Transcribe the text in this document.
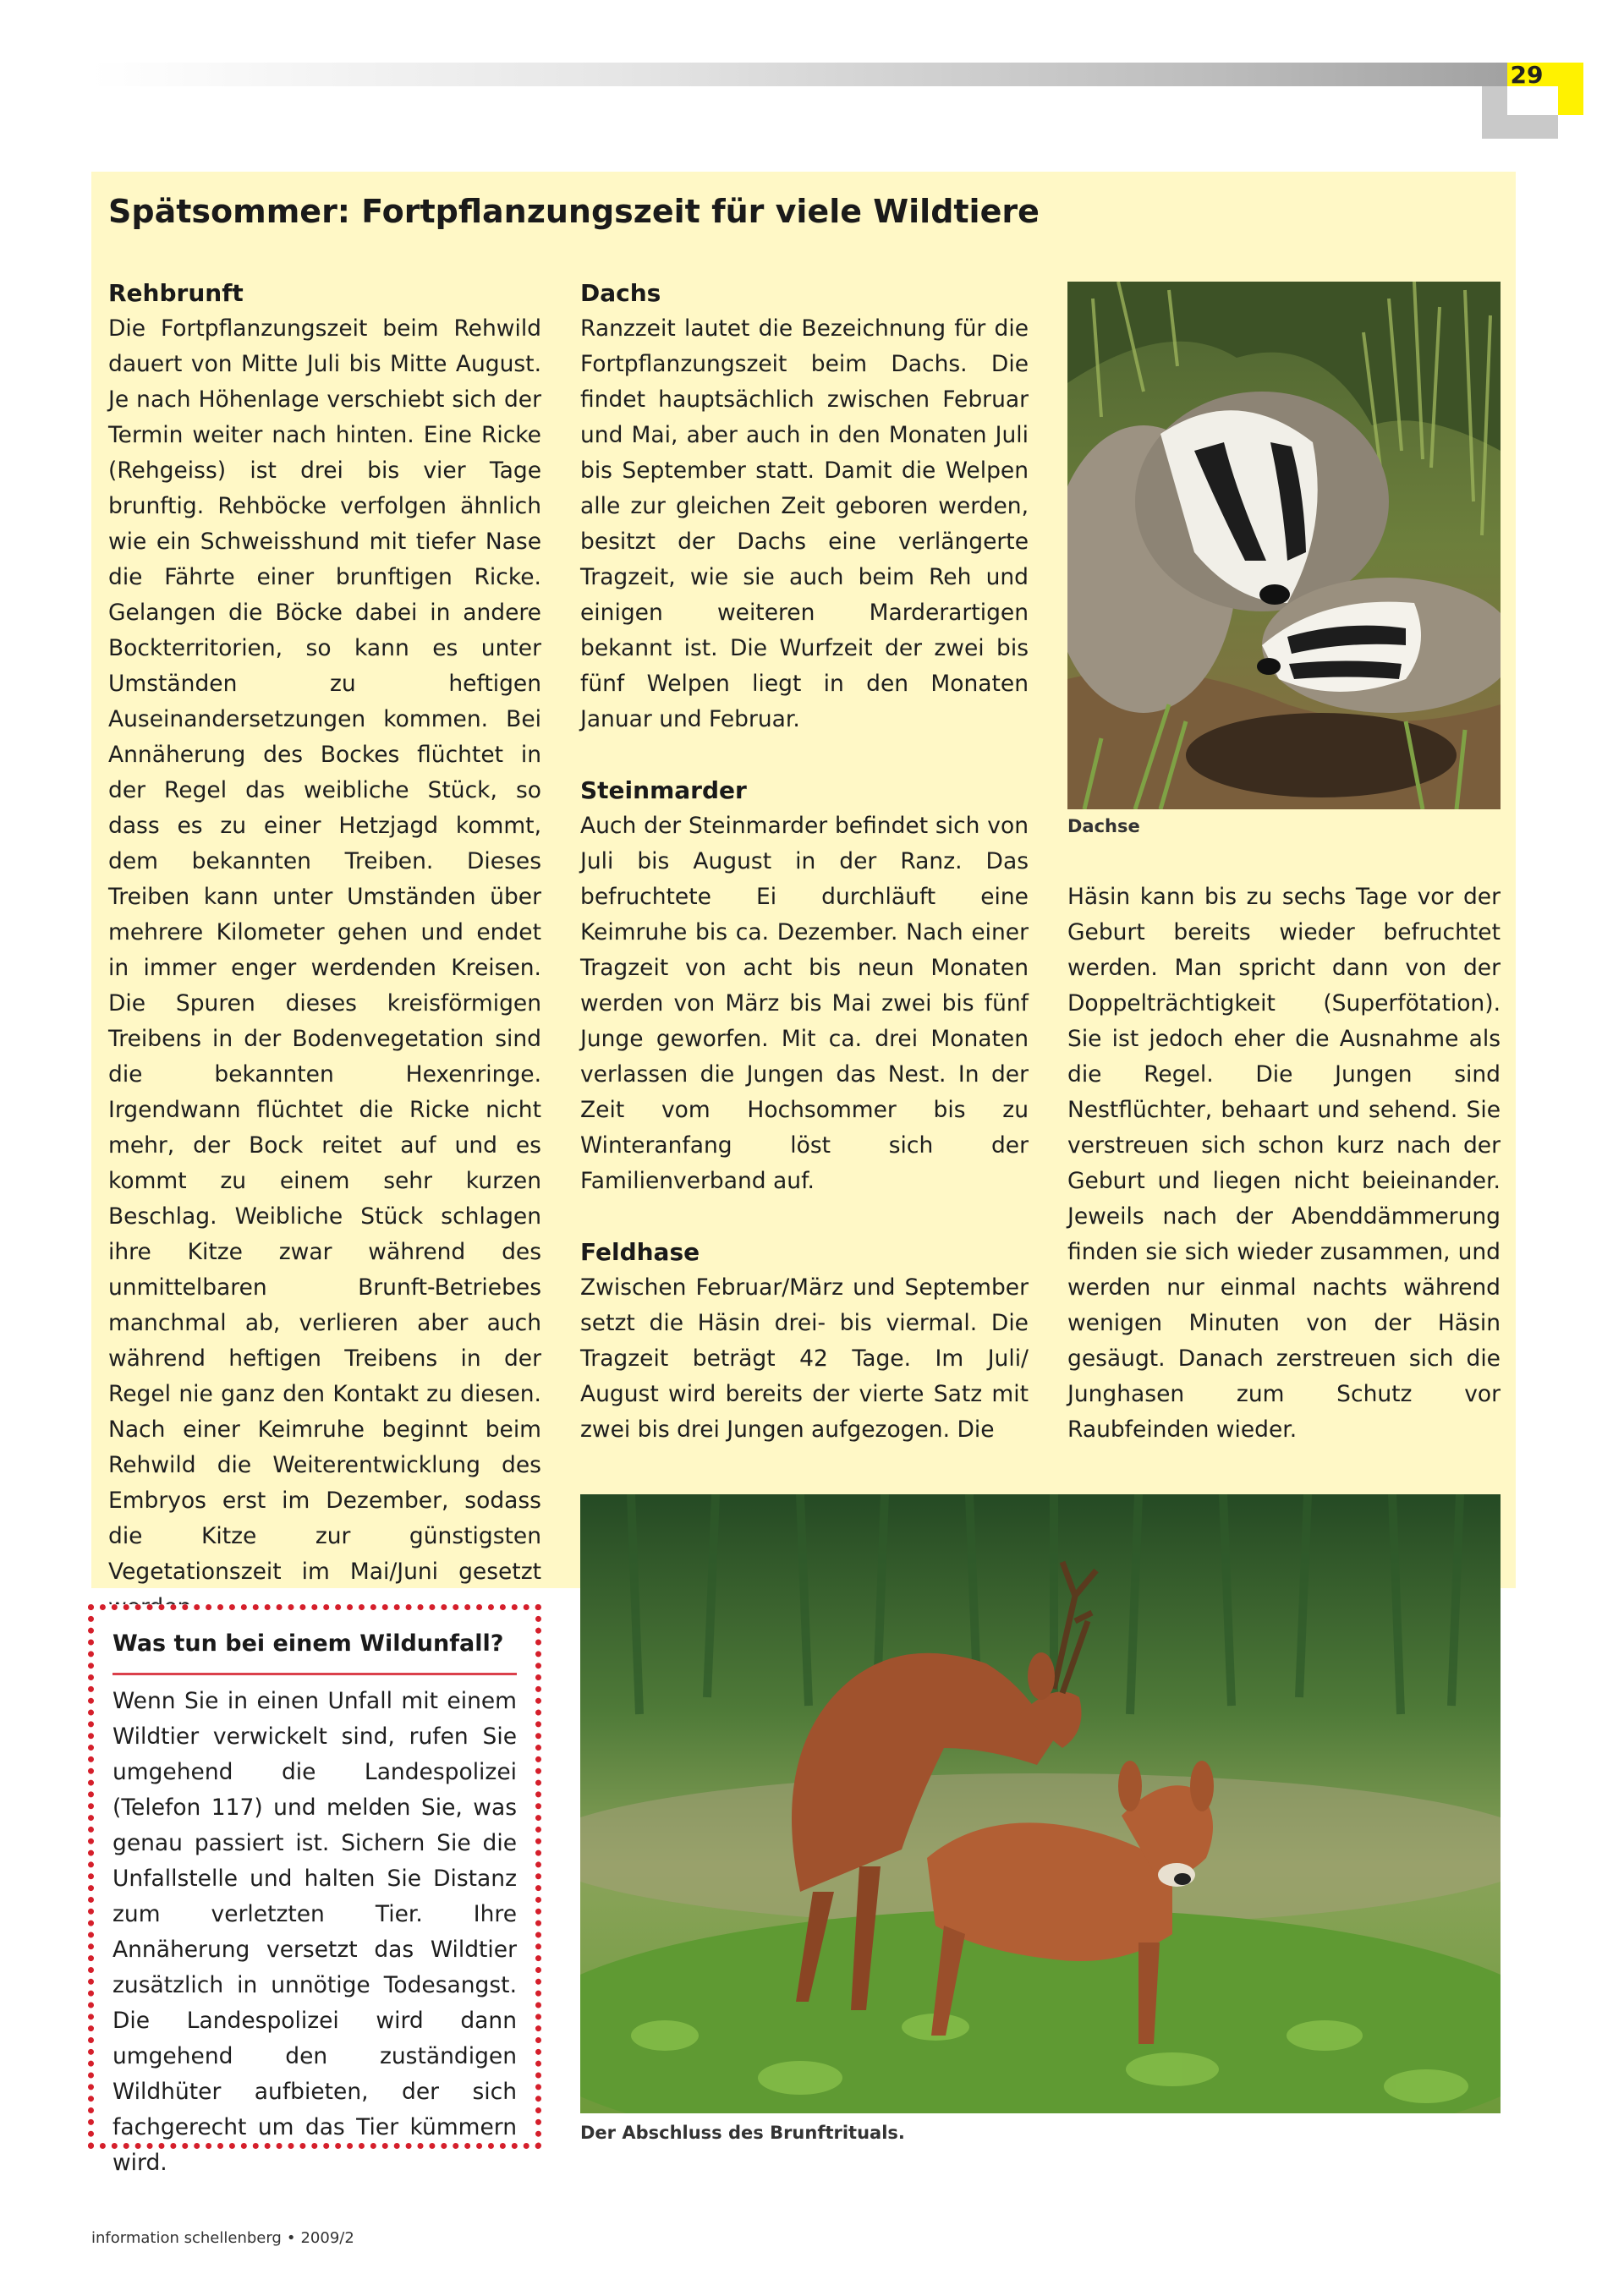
29
Spätsommer: Fortpflanzungszeit für viele Wildtiere
Rehbrunft

Die Fortpflanzungszeit beim Rehwild dauert von Mitte Juli bis Mitte August. Je nach Höhenlage verschiebt sich der Termin weiter nach hinten. Eine Ricke (Rehgeiss) ist drei bis vier Tage brunftig. Rehböcke verfolgen ähnlich wie ein Schweisshund mit tiefer Nase die Fährte einer brunftigen Ricke. Gelangen die Böcke dabei in andere Bockterritorien, so kann es unter Umständen zu heftigen Auseinandersetzungen kommen. Bei Annäherung des Bockes flüchtet in der Regel das weibliche Stück, so dass es zu einer Hetzjagd kommt, dem bekannten Treiben. Dieses Treiben kann unter Umständen über mehrere Kilometer gehen und endet in immer enger werdenden Kreisen. Die Spuren dieses kreisförmigen Treibens in der Bodenvegetation sind die bekannten Hexenringe. Irgendwann flüchtet die Ricke nicht mehr, der Bock reitet auf und es kommt zu einem sehr kurzen Beschlag. Weibliche Stück schlagen ihre Kitze zwar während des unmittelbaren Brunft-Betriebes manchmal ab, verlieren aber auch während heftigen Treibens in der Regel nie ganz den Kontakt zu diesen. Nach einer Keimruhe beginnt beim Rehwild die Weiterentwicklung des Embryos erst im Dezember, sodass die Kitze zur günstigsten Vegetationszeit im Mai/Juni gesetzt

Dachs

Ranzzeit lautet die Bezeichnung für die Fortpflanzungszeit beim Dachs. Die findet hauptsächlich zwischen Februar und Mai, aber auch in den Monaten Juli bis September statt. Damit die Welpen alle zur gleichen Zeit geboren werden, besitzt der Dachs eine verlängerte Tragzeit, wie sie auch beim Reh und einigen weiteren Marderartigen bekannt ist. Die Wurfzeit der zwei bis fünf Welpen liegt in den Monaten Januar und Februar.

Steinmarder

Auch der Steinmarder befindet sich von Juli bis August in der Ranz. Das befruchtete Ei durchläuft eine Keimruhe bis ca. Dezember. Nach einer Tragzeit von acht bis neun Monaten werden von März bis Mai zwei bis fünf Junge geworfen. Mit ca. drei Monaten verlassen die Jungen das Nest. In der Zeit vom Hochsommer bis zu Winteranfang löst sich der Familienverband auf.

Feldhase

Zwischen Februar/März und September setzt die Häsin drei- bis viermal. Die Tragzeit beträgt 42 Tage. Im Juli/ August wird bereits der vierte Satz mit zwei bis drei Jungen aufgezogen. Die

Dachse

Häsin kann bis zu sechs Tage vor der Geburt bereits wieder befruchtet werden. Man spricht dann von der Doppelträchtigkeit (Superfötation). Sie ist jedoch eher die Ausnahme als die Regel. Die Jungen sind Nestflüchter, behaart und sehend. Sie verstreuen sich schon kurz nach der Geburt und liegen nicht beieinander. Jeweils nach der Abenddämmerung finden sie sich wieder zusammen, und werden nur einmal nachts während wenigen Minuten von der Häsin gesäugt. Danach zerstreuen sich die Junghasen zum Schutz vor Raubfeinden wieder.

Der Abschluss des Brunftrituals.
Was tun bei einem Wildunfall?

Wenn Sie in einen Unfall mit einem Wildtier verwickelt sind, rufen Sie umgehend die Landespolizei (Telefon 117) und melden Sie, was genau passiert ist. Sichern Sie die Unfallstelle und halten Sie Distanz zum verletzten Tier. Ihre Annäherung versetzt das Wildtier zusätzlich in unnötige Todesangst. Die Landespolizei wird dann umgehend den zuständigen Wildhüter aufbieten, der sich fachgerecht um das Tier kümmern wird.

information schellenberg • 2009/2
